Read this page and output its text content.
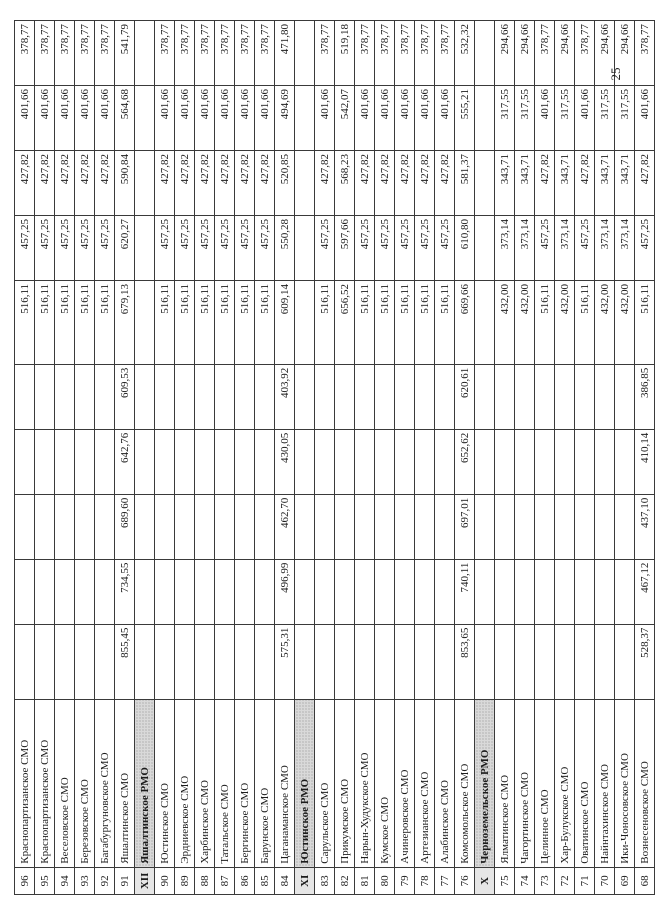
96	Краснопартизанское СМО						516,11	457,25	427,82	401,66	378,77
95	Краснопартизанское СМО						516,11	457,25	427,82	401,66	378,77
94	Веселовское СМО						516,11	457,25	427,82	401,66	378,77
93	Березовское СМО						516,11	457,25	427,82	401,66	378,77
92	Багабургуновское СМО						516,11	457,25	427,82	401,66	378,77
91	Яшалтинское СМО	855,45	734,55	689,60	642,76	609,53	679,13	620,27	590,84	564,68	541,79
XII	Яшалтинское РМО										
90	Юстинское СМО						516,11	457,25	427,82	401,66	378,77
89	Эрдниевское СМО						516,11	457,25	427,82	401,66	378,77
88	Харбинское СМО						516,11	457,25	427,82	401,66	378,77
87	Татальское СМО						516,11	457,25	427,82	401,66	378,77
86	Бергинское СМО						516,11	457,25	427,82	401,66	378,77
85	Барунское СМО						516,11	457,25	427,82	401,66	378,77
84	Цаганаманское СМО	575,31	496,99	462,70	430,05	403,92	609,14	550,28	520,85	494,69	471,80
XI	Юстинское РМО										
83	Сарульское СМО						516,11	457,25	427,82	401,66	378,77
82	Прикумское СМО						656,52	597,66	568,23	542,07	519,18
81	Нарын-Худукское СМО						516,11	457,25	427,82	401,66	378,77
80	Кумское СМО						516,11	457,25	427,82	401,66	378,77
79	Ачинеровское СМО						516,11	457,25	427,82	401,66	378,77
78	Артезианское СМО						516,11	457,25	427,82	401,66	378,77
77	Алабинское СМО						516,11	457,25	427,82	401,66	378,77
76	Комсомольское СМО	853,65	740,11	697,01	652,62	620,61	669,66	610,80	581,37	555,21	532,32
X	Черноземельское РМО										
75	Ялматинское СМО						432,00	373,14	343,71	317,55	294,66
74	Чагортинское СМО						432,00	373,14	343,71	317,55	294,66
73	Целинное СМО						516,11	457,25	427,82	401,66	378,77
72	Хар-Булукское СМО						432,00	373,14	343,71	317,55	294,66
71	Оватинское СМО						516,11	457,25	427,82	401,66	378,77
70	Найнтахинское СМО						432,00	373,14	343,71	317,55	294,66
69	Ики-Чоносовское СМО						432,00	373,14	343,71	317,55	294,66
68	Вознесеновское СМО	528,37	467,12	437,10	410,14	386,85	516,11	457,25	427,82	401,66	378,77
25
